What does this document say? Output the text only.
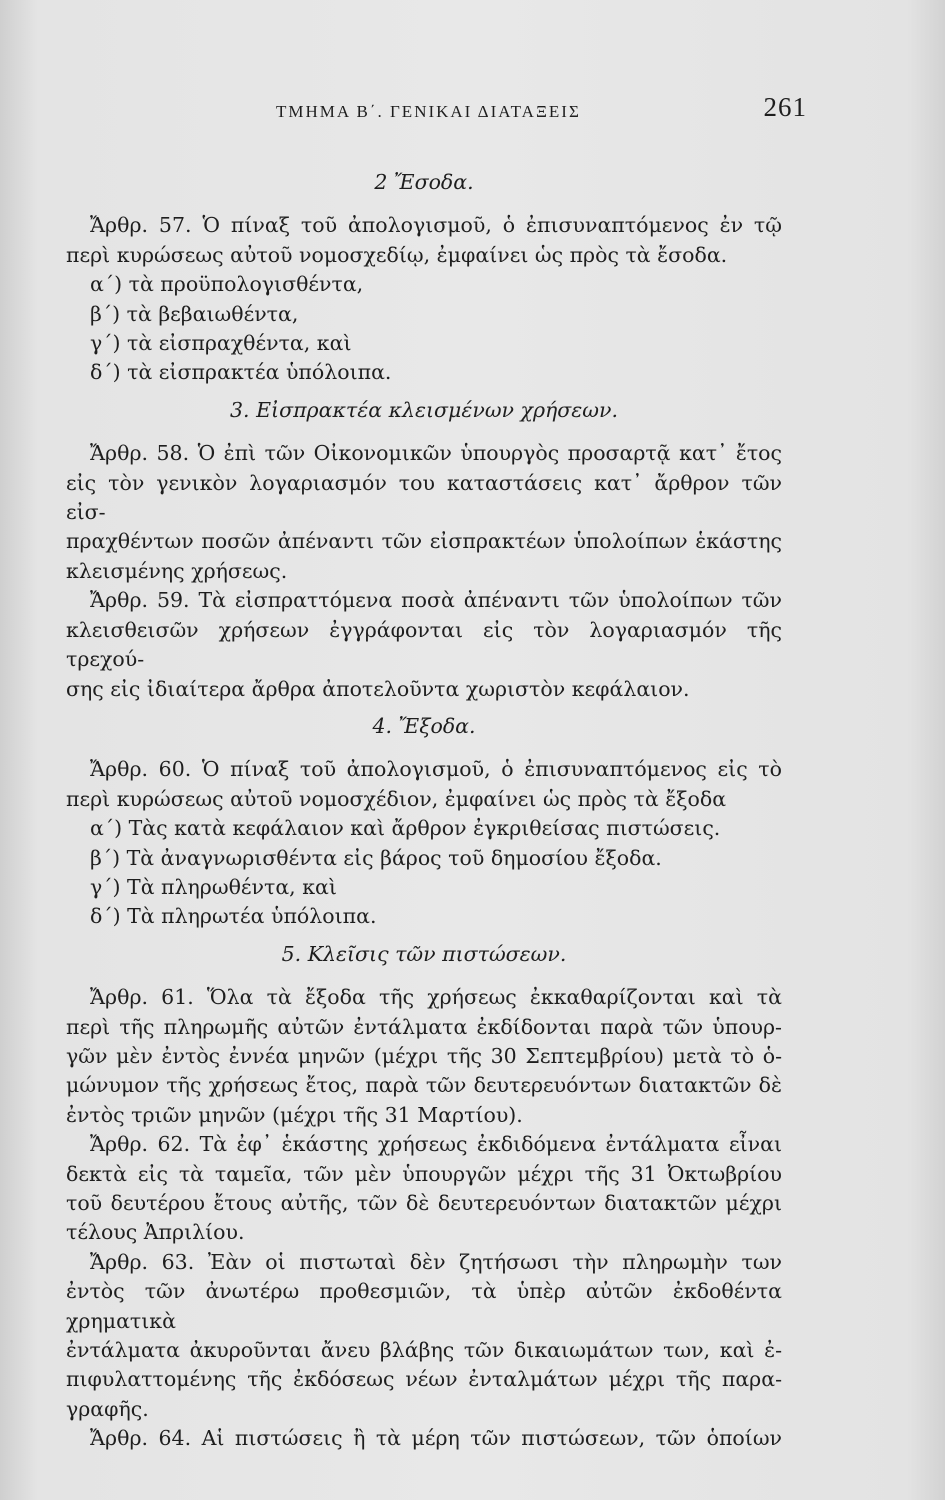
ΤΜΗΜΑ Β΄. ΓΕΝΙΚΑΙ ΔΙΑΤΑΞΕΙΣ	261
2 Ἔσοδα.
Ἄρθρ. 57. Ὁ πίναξ τοῦ ἀπολογισμοῦ, ὁ ἐπισυναπτόμενος ἐν τῷ
περὶ κυρώσεως αὐτοῦ νομοσχεδίῳ, ἐμφαίνει ὡς πρὸς τὰ ἔσοδα.
α΄) τὰ προϋπολογισθέντα,
β΄) τὰ βεβαιωθέντα,
γ΄) τὰ εἰσπραχθέντα, καὶ
δ΄) τὰ εἰσπρακτέα ὑπόλοιπα.
3. Εἰσπρακτέα κλεισμένων χρήσεων.
Ἄρθρ. 58. Ὁ ἐπὶ τῶν Οἰκονομικῶν ὑπουργὸς προσαρτᾷ κατ᾽ ἔτος
εἰς τὸν γενικὸν λογαριασμόν του καταστάσεις κατ᾽ ἄρθρον τῶν εἰσ-
πραχθέντων ποσῶν ἀπέναντι τῶν εἰσπρακτέων ὑπολοίπων ἑκάστης
κλεισμένης χρήσεως.
Ἄρθρ. 59. Τὰ εἰσπραττόμενα ποσὰ ἀπέναντι τῶν ὑπολοίπων τῶν
κλεισθεισῶν χρήσεων ἐγγράφονται εἰς τὸν λογαριασμόν τῆς τρεχού-
σης εἰς ἰδιαίτερα ἄρθρα ἀποτελοῦντα χωριστὸν κεφάλαιον.
4. Ἔξοδα.
Ἄρθρ. 60. Ὁ πίναξ τοῦ ἀπολογισμοῦ, ὁ ἐπισυναπτόμενος εἰς τὸ
περὶ κυρώσεως αὐτοῦ νομοσχέδιον, ἐμφαίνει ὡς πρὸς τὰ ἔξοδα
α΄) Τὰς κατὰ κεφάλαιον καὶ ἄρθρον ἐγκριθείσας πιστώσεις.
β΄) Τὰ ἀναγνωρισθέντα εἰς βάρος τοῦ δημοσίου ἔξοδα.
γ΄) Τὰ πληρωθέντα, καὶ
δ΄) Τὰ πληρωτέα ὑπόλοιπα.
5. Κλεῖσις τῶν πιστώσεων.
Ἄρθρ. 61. Ὅλα τὰ ἔξοδα τῆς χρήσεως ἐκκαθαρίζονται καὶ τὰ
περὶ τῆς πληρωμῆς αὐτῶν ἐντάλματα ἐκδίδονται παρὰ τῶν ὑπουρ-
γῶν μὲν ἐντὸς ἐννέα μηνῶν (μέχρι τῆς 30 Σεπτεμβρίου) μετὰ τὸ ὁ-
μώνυμον τῆς χρήσεως ἔτος, παρὰ τῶν δευτερευόντων διατακτῶν δὲ
ἐντὸς τριῶν μηνῶν (μέχρι τῆς 31 Μαρτίου).
Ἄρθρ. 62. Τὰ ἐφ᾽ ἑκάστης χρήσεως ἐκδιδόμενα ἐντάλματα εἶναι
δεκτὰ εἰς τὰ ταμεῖα, τῶν μὲν ὑπουργῶν μέχρι τῆς 31 Ὀκτωβρίου
τοῦ δευτέρου ἔτους αὐτῆς, τῶν δὲ δευτερευόντων διατακτῶν μέχρι
τέλους Ἀπριλίου.
Ἄρθρ. 63. Ἐὰν οἱ πιστωταὶ δὲν ζητήσωσι τὴν πληρωμὴν των
ἐντὸς τῶν ἀνωτέρω προθεσμιῶν, τὰ ὑπὲρ αὐτῶν ἐκδοθέντα χρηματικὰ
ἐντάλματα ἀκυροῦνται ἄνευ βλάβης τῶν δικαιωμάτων των, καὶ ἐ-
πιφυλαττομένης τῆς ἐκδόσεως νέων ἐνταλμάτων μέχρι τῆς παρα-
γραφῆς.
Ἄρθρ. 64. Αἱ πιστώσεις ἢ τὰ μέρη τῶν πιστώσεων, τῶν ὁποίων
